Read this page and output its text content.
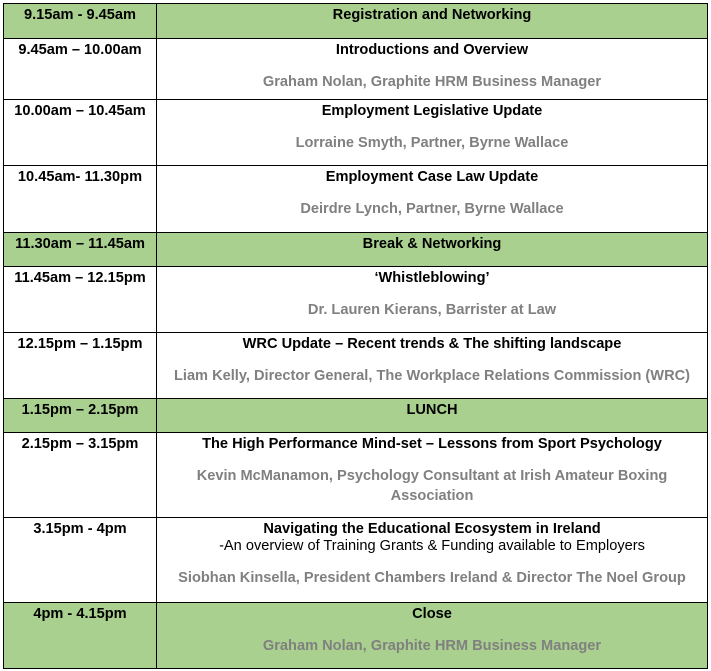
9.15am - 9.45am	Registration and Networking

9.45am – 10.00am	Introductions and Overview
Graham Nolan, Graphite HRM Business Manager

10.00am – 10.45am	Employment Legislative Update
Lorraine Smyth, Partner, Byrne Wallace

10.45am- 11.30pm	Employment Case Law Update
Deirdre Lynch, Partner, Byrne Wallace

11.30am – 11.45am	Break & Networking

11.45am – 12.15pm	‘Whistleblowing’
Dr. Lauren Kierans, Barrister at Law

12.15pm – 1.15pm	WRC Update – Recent trends & The shifting landscape
Liam Kelly, Director General, The Workplace Relations Commission (WRC)

1.15pm – 2.15pm	LUNCH

2.15pm – 3.15pm	The High Performance Mind-set – Lessons from Sport Psychology
Kevin McManamon, Psychology Consultant at Irish Amateur Boxing Association

3.15pm - 4pm	Navigating the Educational Ecosystem in Ireland
-An overview of Training Grants & Funding available to Employers
Siobhan Kinsella, President Chambers Ireland & Director The Noel Group

4pm - 4.15pm	Close
Graham Nolan, Graphite HRM Business Manager
